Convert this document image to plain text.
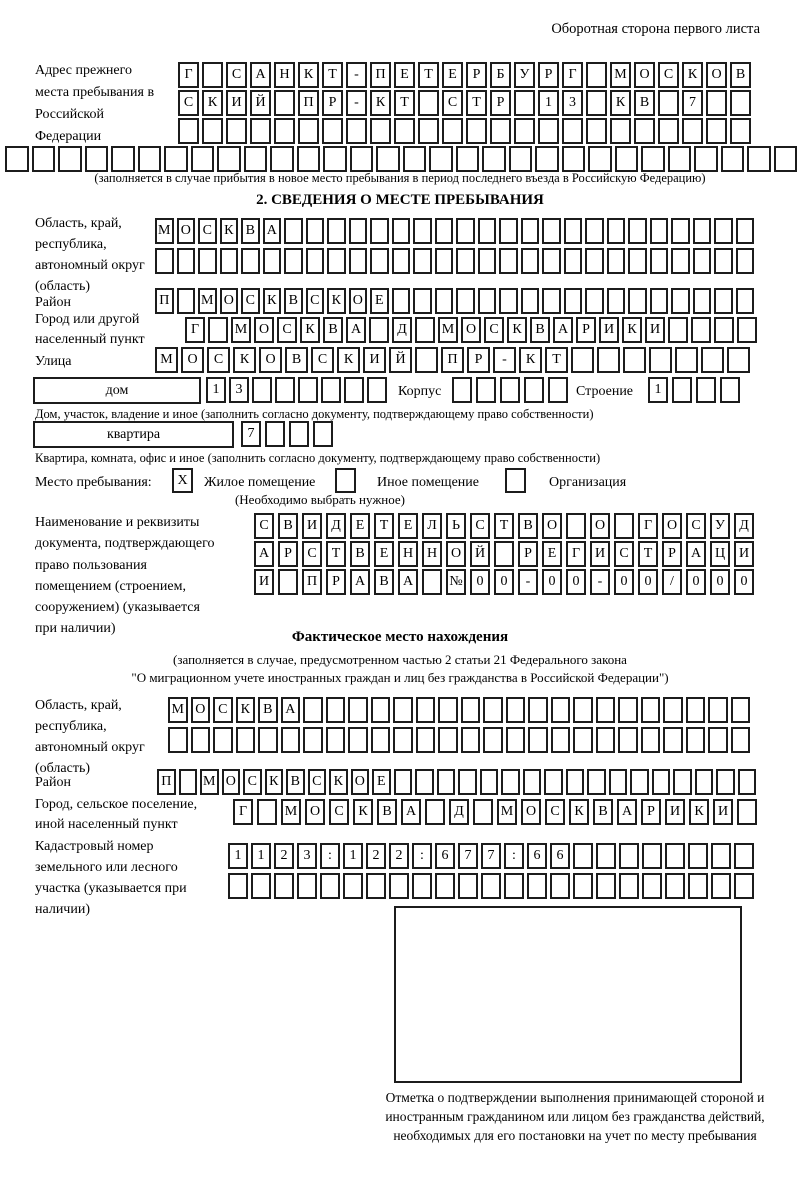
Оборотная сторона первого листа
Адрес прежнего места пребывания в Российской Федерации
Г	С	А Н	К	Т	-	П	Е	Т	Е	Р	Б	У	Р	Г	М О	С	К	О	В
С	К	И Й	П	Р	-	К	Т	С	Т	Р	1	3	К	В	7
(заполняется в случае прибытия в новое место пребывания в период последнего въезда в Российскую Федерацию)
2. СВЕДЕНИЯ О МЕСТЕ ПРЕБЫВАНИЯ
Область, край, республика, автономный округ (область)
М О С К В А
Район	П М О С К В С К О Е
Город или другой населенный пункт
Г	М О С К В А	Д	М О С К В А	Р	И К И
Улица	М	О	С	К	О	В	С	К	И	Й	П	Р	-	К	Т
дом	1	3	Корпус	Строение	1
Дом, участок, владение и иное (заполнить согласно документу, подтверждающему право собственности)
квартира	7
Квартира, комната, офис и иное (заполнить согласно документу, подтверждающему право собственности)
Место пребывания:	X	Жилое помещение	Иное помещение	Организация
(Необходимо выбрать нужное)
Наименование и реквизиты документа, подтверждающего право пользования помещением (строением, сооружением) (указывается при наличии)
С	В	И	Д	Е	Т	Е	Л	Ь	С	Т	В	О	О	Г	О	С	У	Д
А	Р	С	Т	В	Е	Н Н О Й	Р	Е	Г	И	С	Т	Р	А Ц И
И	П	Р	А	В	А	№ 0	0	-	0	0	-	0	0	/	0	0	0
Фактическое место нахождения
(заполняется в случае, предусмотренном частью 2 статьи 21 Федерального закона
"О миграционном учете иностранных граждан и лиц без гражданства в Российской Федерации")
Область, край, республика, автономный округ (область)
М О С К В А
Район	П М О С К В С К О Е
Город, сельское поселение, иной населенный пункт
Г	М О	С	К	В	А	Д	М О	С	К	В	А	Р	И	К	И
Кадастровый номер земельного или лесного участка (указывается при наличии)
1	1	2	3	:	1	2	2	:	6	7	7	:	6	6
Отметка о подтверждении выполнения принимающей стороной и иностранным гражданином или лицом без гражданства действий, необходимых для его постановки на учет по месту пребывания
